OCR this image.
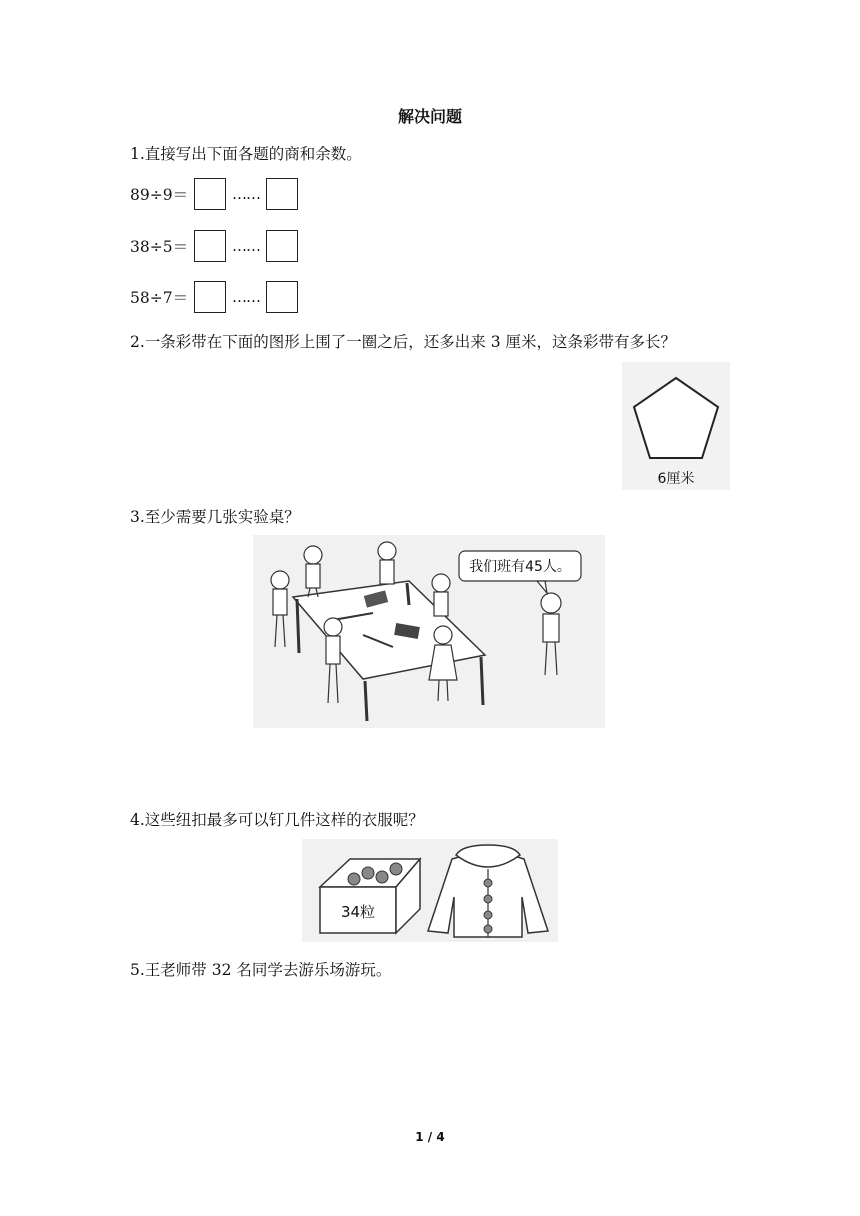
解决问题
1.直接写出下面各题的商和余数。
89÷9＝	……
38÷5＝	……
58÷7＝	……
2.一条彩带在下面的图形上围了一圈之后，还多出来 3 厘米，这条彩带有多长？
6厘米
3.至少需要几张实验桌？
我们班有45人。
4.这些纽扣最多可以钉几件这样的衣服呢？
34粒
5.王老师带 32 名同学去游乐场游玩。
1 / 4
